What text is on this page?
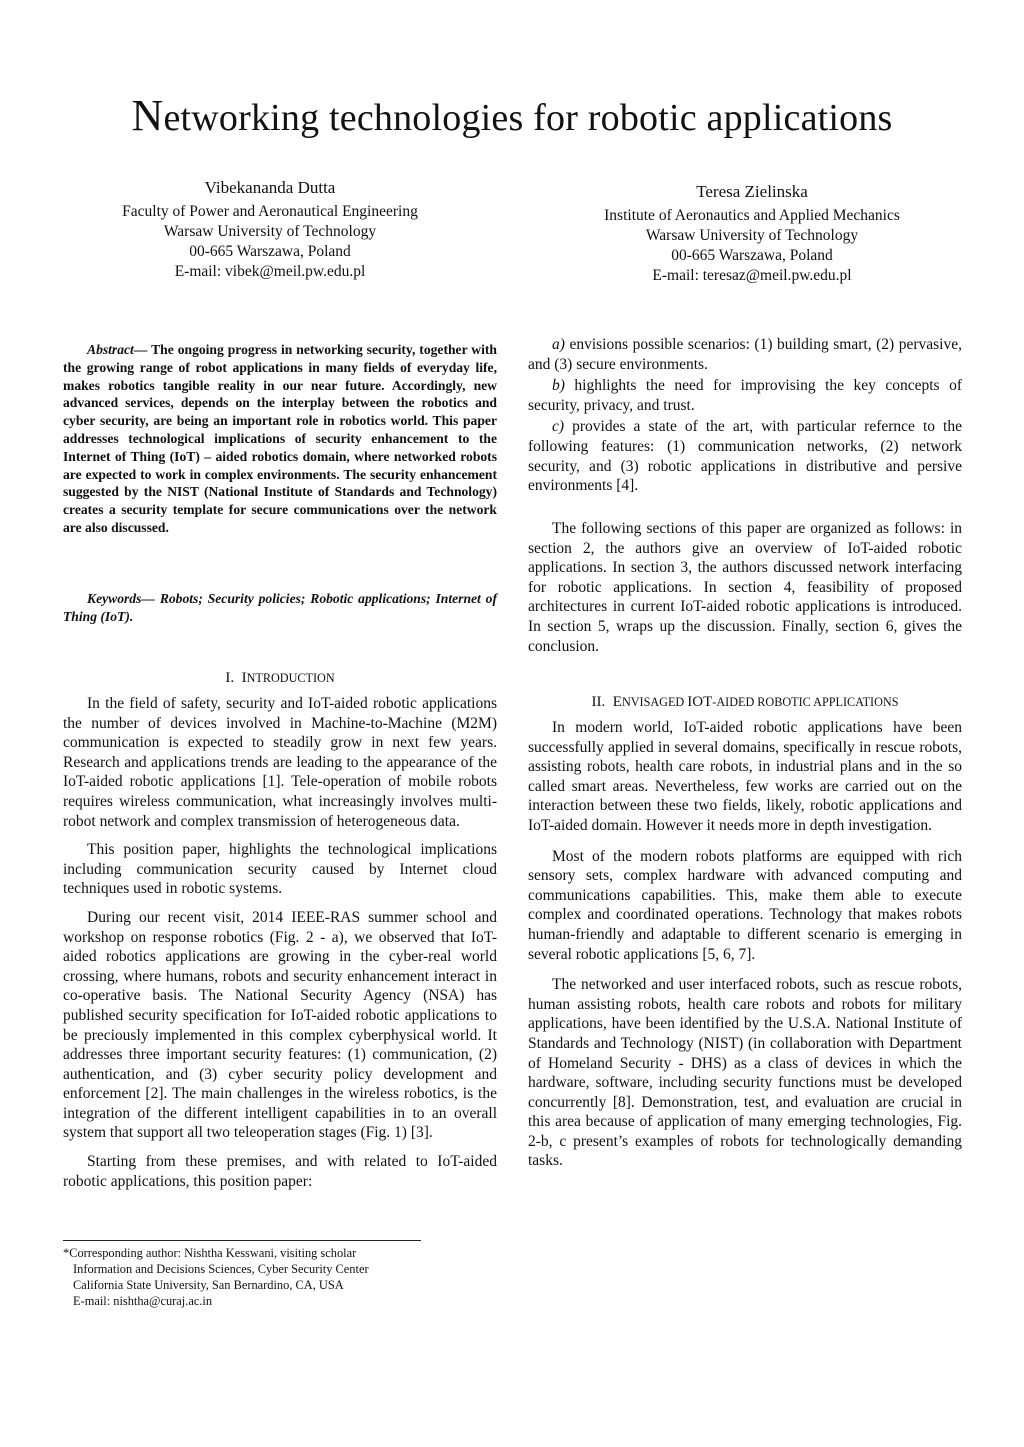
Networking technologies for robotic applications
Vibekananda Dutta
Faculty of Power and Aeronautical Engineering
Warsaw University of Technology
00-665 Warszawa, Poland
E-mail: vibek@meil.pw.edu.pl
Teresa Zielinska
Institute of Aeronautics and Applied Mechanics
Warsaw University of Technology
00-665 Warszawa, Poland
E-mail: teresaz@meil.pw.edu.pl

Abstract— The ongoing progress in networking security, together with the growing range of robot applications in many fields of everyday life, makes robotics tangible reality in our near future. Accordingly, new advanced services, depends on the interplay between the robotics and cyber security, are being an important role in robotics world. This paper addresses technological implications of security enhancement to the Internet of Thing (IoT) – aided robotics domain, where networked robots are expected to work in complex environments. The security enhancement suggested by the NIST (National Institute of Standards and Technology) creates a security template for secure communications over the network are also discussed.

Keywords— Robots; Security policies; Robotic applications; Internet of Thing (IoT).

I. INTRODUCTION

In the field of safety, security and IoT-aided robotic applications the number of devices involved in Machine-to-Machine (M2M) communication is expected to steadily grow in next few years. Research and applications trends are leading to the appearance of the IoT-aided robotic applications [1]. Tele-operation of mobile robots requires wireless communication, what increasingly involves multi-robot network and complex transmission of heterogeneous data.

This position paper, highlights the technological implications including communication security caused by Internet cloud techniques used in robotic systems.

During our recent visit, 2014 IEEE-RAS summer school and workshop on response robotics (Fig. 2 - a), we observed that IoT-aided robotics applications are growing in the cyber-real world crossing, where humans, robots and security enhancement interact in co-operative basis. The National Security Agency (NSA) has published security specification for IoT-aided robotic applications to be preciously implemented in this complex cyberphysical world. It addresses three important security features: (1) communication, (2) authentication, and (3) cyber security policy development and enforcement [2]. The main challenges in the wireless robotics, is the integration of the different intelligent capabilities in to an overall system that support all two teleoperation stages (Fig. 1) [3].

Starting from these premises, and with related to IoT-aided robotic applications, this position paper:

a) envisions possible scenarios: (1) building smart, (2) pervasive, and (3) secure environments.

b) highlights the need for improvising the key concepts of security, privacy, and trust.

c) provides a state of the art, with particular refernce to the following features: (1) communication networks, (2) network security, and (3) robotic applications in distributive and persive environments [4].

The following sections of this paper are organized as follows: in section 2, the authors give an overview of IoT-aided robotic applications. In section 3, the authors discussed network interfacing for robotic applications. In section 4, feasibility of proposed architectures in current IoT-aided robotic applications is introduced. In section 5, wraps up the discussion. Finally, section 6, gives the conclusion.

II. ENVISAGED IOT-AIDED ROBOTIC APPLICATIONS

In modern world, IoT-aided robotic applications have been successfully applied in several domains, specifically in rescue robots, assisting robots, health care robots, in industrial plans and in the so called smart areas. Nevertheless, few works are carried out on the interaction between these two fields, likely, robotic applications and IoT-aided domain. However it needs more in depth investigation.

Most of the modern robots platforms are equipped with rich sensory sets, complex hardware with advanced computing and communications capabilities. This, make them able to execute complex and coordinated operations. Technology that makes robots human-friendly and adaptable to different scenario is emerging in several robotic applications [5, 6, 7].

The networked and user interfaced robots, such as rescue robots, human assisting robots, health care robots and robots for military applications, have been identified by the U.S.A. National Institute of Standards and Technology (NIST) (in collaboration with Department of Homeland Security - DHS) as a class of devices in which the hardware, software, including security functions must be developed concurrently [8]. Demonstration, test, and evaluation are crucial in this area because of application of many emerging technologies, Fig. 2-b, c present’s examples of robots for technologically demanding tasks.

*Corresponding author: Nishtha Kesswani, visiting scholar
Information and Decisions Sciences, Cyber Security Center
California State University, San Bernardino, CA, USA
E-mail: nishtha@curaj.ac.in
